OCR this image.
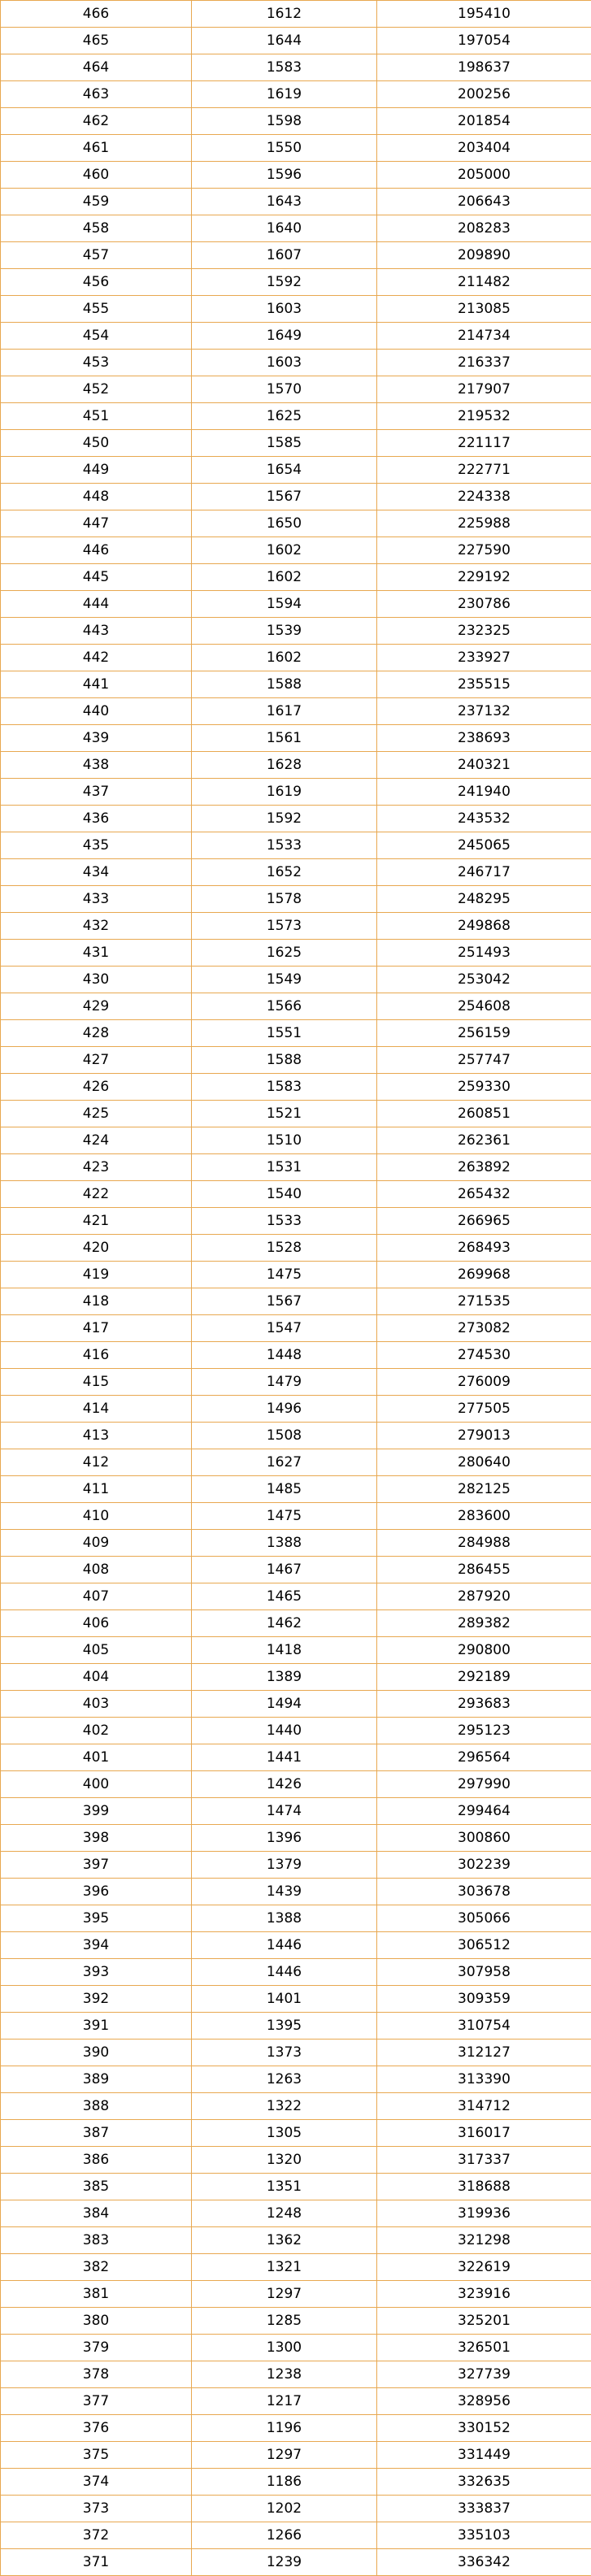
466	1612	195410
465	1644	197054
464	1583	198637
463	1619	200256
462	1598	201854
461	1550	203404
460	1596	205000
459	1643	206643
458	1640	208283
457	1607	209890
456	1592	211482
455	1603	213085
454	1649	214734
453	1603	216337
452	1570	217907
451	1625	219532
450	1585	221117
449	1654	222771
448	1567	224338
447	1650	225988
446	1602	227590
445	1602	229192
444	1594	230786
443	1539	232325
442	1602	233927
441	1588	235515
440	1617	237132
439	1561	238693
438	1628	240321
437	1619	241940
436	1592	243532
435	1533	245065
434	1652	246717
433	1578	248295
432	1573	249868
431	1625	251493
430	1549	253042
429	1566	254608
428	1551	256159
427	1588	257747
426	1583	259330
425	1521	260851
424	1510	262361
423	1531	263892
422	1540	265432
421	1533	266965
420	1528	268493
419	1475	269968
418	1567	271535
417	1547	273082
416	1448	274530
415	1479	276009
414	1496	277505
413	1508	279013
412	1627	280640
411	1485	282125
410	1475	283600
409	1388	284988
408	1467	286455
407	1465	287920
406	1462	289382
405	1418	290800
404	1389	292189
403	1494	293683
402	1440	295123
401	1441	296564
400	1426	297990
399	1474	299464
398	1396	300860
397	1379	302239
396	1439	303678
395	1388	305066
394	1446	306512
393	1446	307958
392	1401	309359
391	1395	310754
390	1373	312127
389	1263	313390
388	1322	314712
387	1305	316017
386	1320	317337
385	1351	318688
384	1248	319936
383	1362	321298
382	1321	322619
381	1297	323916
380	1285	325201
379	1300	326501
378	1238	327739
377	1217	328956
376	1196	330152
375	1297	331449
374	1186	332635
373	1202	333837
372	1266	335103
371	1239	336342
